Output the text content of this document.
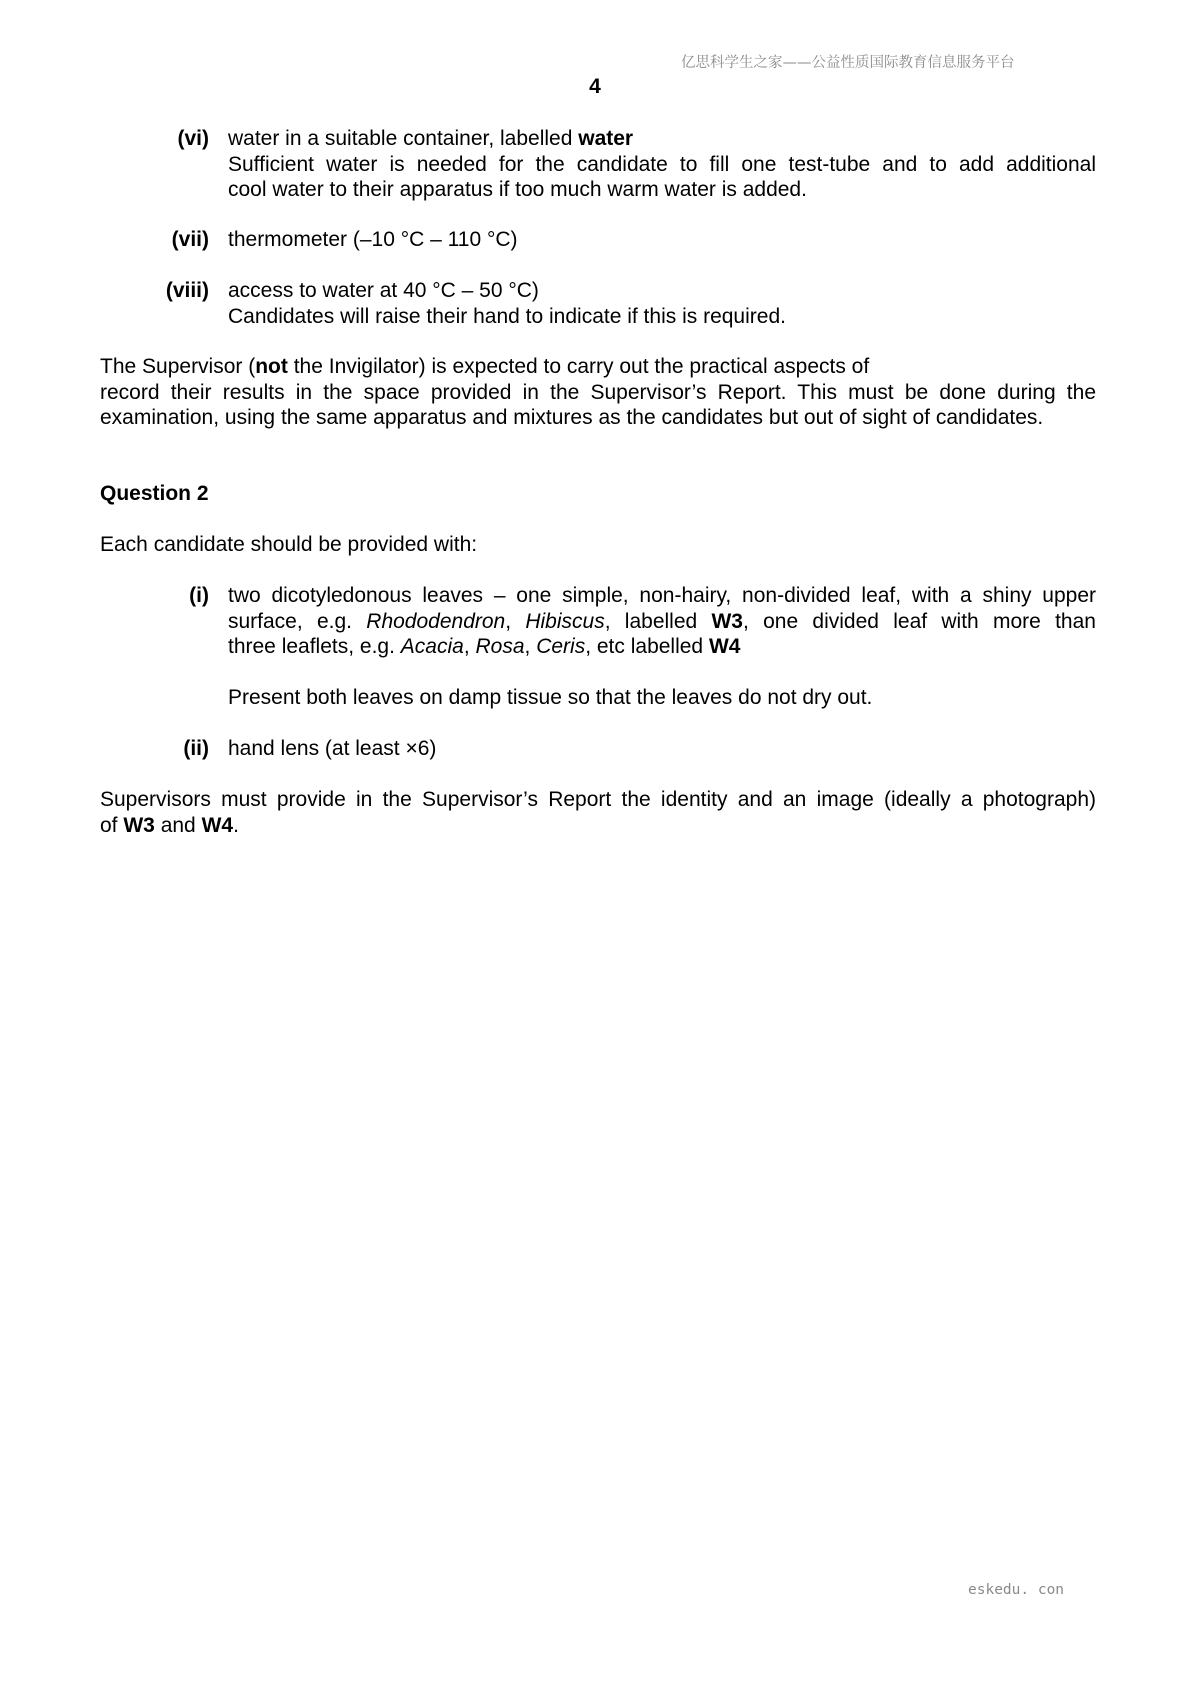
亿思科学生之家——公益性质国际教育信息服务平台
4
(vi) water in a suitable container, labelled water
Sufficient water is needed for the candidate to fill one test-tube and to add additional
cool water to their apparatus if too much warm water is added.
(vii) thermometer (–10 °C – 110 °C)
(viii) access to water at 40 °C – 50 °C)
Candidates will raise their hand to indicate if this is required.
The Supervisor (not the Invigilator) is expected to carry out the practical aspects of
record their results in the space provided in the Supervisor’s Report. This must be done during the
examination, using the same apparatus and mixtures as the candidates but out of sight of candidates.
Question 2
Each candidate should be provided with:
(i) two dicotyledonous leaves – one simple, non-hairy, non-divided leaf, with a shiny upper
surface, e.g. Rhododendron, Hibiscus, labelled W3, one divided leaf with more than
three leaflets, e.g. Acacia, Rosa, Ceris, etc labelled W4
Present both leaves on damp tissue so that the leaves do not dry out.
(ii) hand lens (at least ×6)
Supervisors must provide in the Supervisor’s Report the identity and an image (ideally a photograph)
of W3 and W4.
eskedu. con
